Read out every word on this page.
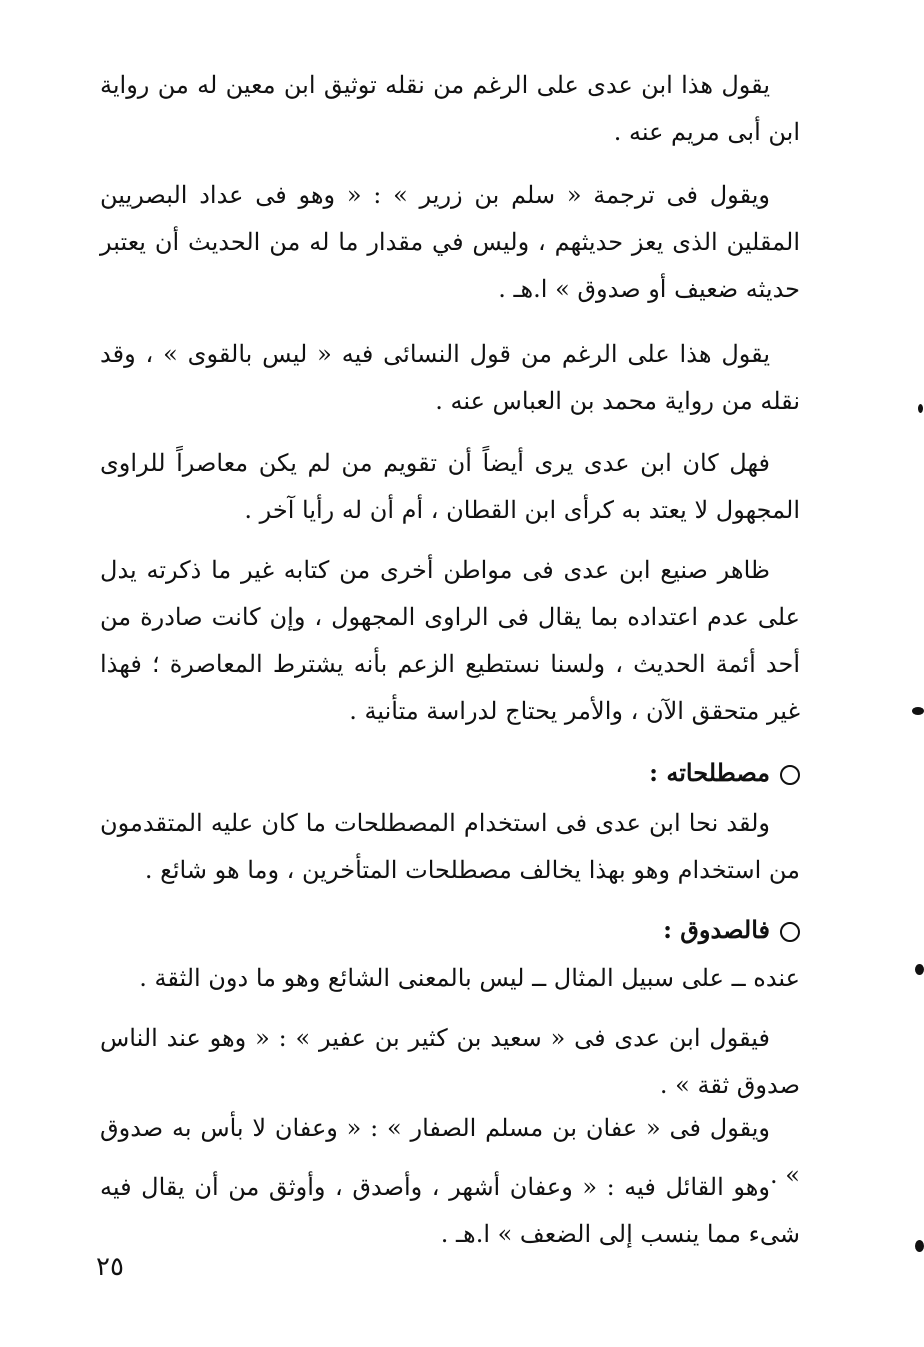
يقول هذا ابن عدى على الرغم من نقله توثيق ابن معين له من رواية ابن أبى مريم عنه .

ويقول فى ترجمة « سلم بن زرير » : « وهو فى عداد البصريين المقلين الذى يعز حديثهم ، وليس في مقدار ما له من الحديث أن يعتبر حديثه ضعيف أو صدوق » ا.هـ .

يقول هذا على الرغم من قول النسائى فيه « ليس بالقوى » ، وقد نقله من رواية محمد بن العباس عنه .

فهل كان ابن عدى يرى أيضاً أن تقويم من لم يكن معاصراً للراوى المجهول لا يعتد به كرأى ابن القطان ، أم أن له رأيا آخر .

ظاهر صنيع ابن عدى فى مواطن أخرى من كتابه غير ما ذكرته يدل على عدم اعتداده بما يقال فى الراوى المجهول ، وإن كانت صادرة من أحد أئمة الحديث ، ولسنا نستطيع الزعم بأنه يشترط المعاصرة ؛ فهذا غير متحقق الآن ، والأمر يحتاج لدراسة متأنية .

مصطلحاته :

ولقد نحا ابن عدى فى استخدام المصطلحات ما كان عليه المتقدمون من استخدام وهو بهذا يخالف مصطلحات المتأخرين ، وما هو شائع .

فالصدوق :

عنده ــ على سبيل المثال ــ ليس بالمعنى الشائع وهو ما دون الثقة .

فيقول ابن عدى فى « سعيد بن كثير بن عفير » : « وهو عند الناس صدوق ثقة » .

ويقول فى « عفان بن مسلم الصفار » : « وعفان لا بأس به صدوق » .

وهو القائل فيه : « وعفان أشهر ، وأصدق ، وأوثق من أن يقال فيه شىء مما ينسب إلى الضعف » ا.هـ .

٢٥
